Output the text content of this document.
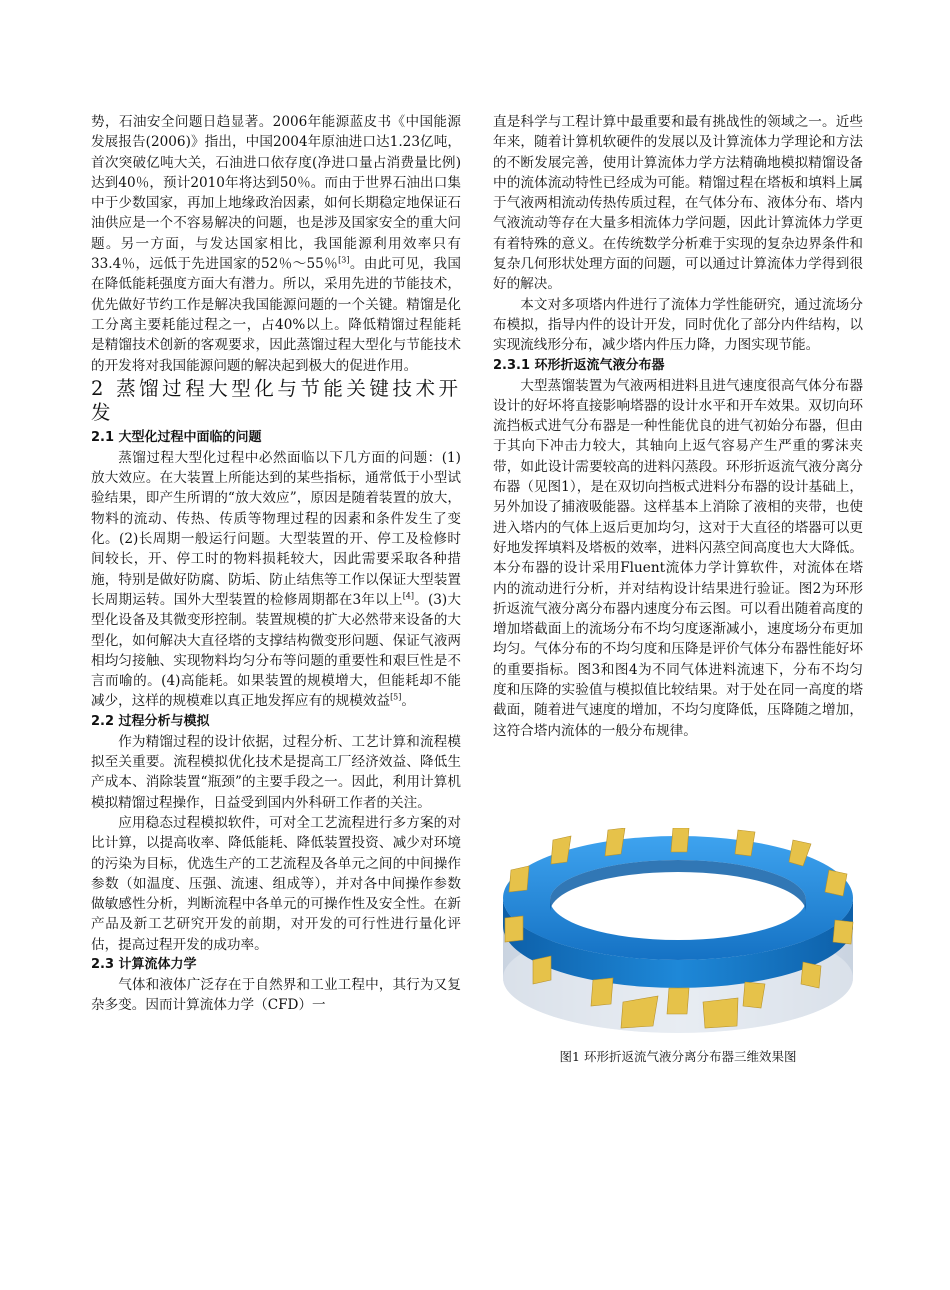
势，石油安全问题日趋显著。2006年能源蓝皮书《中国能源发展报告(2006)》指出，中国2004年原油进口达1.23亿吨，首次突破亿吨大关，石油进口依存度(净进口量占消费量比例)达到40％，预计2010年将达到50％。而由于世界石油出口集中于少数国家，再加上地缘政治因素，如何长期稳定地保证石油供应是一个不容易解决的问题，也是涉及国家安全的重大问题。另一方面，与发达国家相比，我国能源利用效率只有33.4％，远低于先进国家的52％～55％[3]。由此可见，我国在降低能耗强度方面大有潜力。所以，采用先进的节能技术，优先做好节约工作是解决我国能源问题的一个关键。精馏是化工分离主要耗能过程之一，占40%以上。降低精馏过程能耗是精馏技术创新的客观要求，因此蒸馏过程大型化与节能技术的开发将对我国能源问题的解决起到极大的促进作用。

2 蒸馏过程大型化与节能关键技术开发
2.1 大型化过程中面临的问题

蒸馏过程大型化过程中必然面临以下几方面的问题：(1)放大效应。在大装置上所能达到的某些指标，通常低于小型试验结果，即产生所谓的“放大效应”，原因是随着装置的放大，物料的流动、传热、传质等物理过程的因素和条件发生了变化。(2)长周期一般运行问题。大型装置的开、停工及检修时间较长，开、停工时的物料损耗较大，因此需要采取各种措施，特别是做好防腐、防垢、防止结焦等工作以保证大型装置长周期运转。国外大型装置的检修周期都在3年以上[4]。(3)大型化设备及其微变形控制。装置规模的扩大必然带来设备的大型化，如何解决大直径塔的支撑结构微变形问题、保证气液两相均匀接触、实现物料均匀分布等问题的重要性和艰巨性是不言而喻的。(4)高能耗。如果装置的规模增大，但能耗却不能减少，这样的规模难以真正地发挥应有的规模效益[5]。

2.2 过程分析与模拟

作为精馏过程的设计依据，过程分析、工艺计算和流程模拟至关重要。流程模拟优化技术是提高工厂经济效益、降低生产成本、消除装置“瓶颈”的主要手段之一。因此，利用计算机模拟精馏过程操作，日益受到国内外科研工作者的关注。

应用稳态过程模拟软件，可对全工艺流程进行多方案的对比计算，以提高收率、降低能耗、降低装置投资、减少对环境的污染为目标，优选生产的工艺流程及各单元之间的中间操作参数（如温度、压强、流速、组成等），并对各中间操作参数做敏感性分析，判断流程中各单元的可操作性及安全性。在新产品及新工艺研究开发的前期，对开发的可行性进行量化评估，提高过程开发的成功率。

2.3 计算流体力学

气体和液体广泛存在于自然界和工业工程中，其行为又复杂多变。因而计算流体力学（CFD）一

直是科学与工程计算中最重要和最有挑战性的领域之一。近些年来，随着计算机软硬件的发展以及计算流体力学理论和方法的不断发展完善，使用计算流体力学方法精确地模拟精馏设备中的流体流动特性已经成为可能。精馏过程在塔板和填料上属于气液两相流动传热传质过程，在气体分布、液体分布、塔内气液流动等存在大量多相流体力学问题，因此计算流体力学更有着特殊的意义。在传统数学分析难于实现的复杂边界条件和复杂几何形状处理方面的问题，可以通过计算流体力学得到很好的解决。

本文对多项塔内件进行了流体力学性能研究，通过流场分布模拟，指导内件的设计开发，同时优化了部分内件结构，以实现流线形分布，减少塔内件压力降，力图实现节能。

2.3.1 环形折返流气液分布器

大型蒸馏装置为气液两相进料且进气速度很高气体分布器设计的好坏将直接影响塔器的设计水平和开车效果。双切向环流挡板式进气分布器是一种性能优良的进气初始分布器，但由于其向下冲击力较大，其轴向上返气容易产生严重的雾沫夹带，如此设计需要较高的进料闪蒸段。环形折返流气液分离分布器（见图1），是在双切向挡板式进料分布器的设计基础上，另外加设了捕液吸能器。这样基本上消除了液相的夹带，也使进入塔内的气体上返后更加均匀，这对于大直径的塔器可以更好地发挥填料及塔板的效率，进料闪蒸空间高度也大大降低。本分布器的设计采用Fluent流体力学计算软件，对流体在塔内的流动进行分析，并对结构设计结果进行验证。图2为环形折返流气液分离分布器内速度分布云图。可以看出随着高度的增加塔截面上的流场分布不均匀度逐渐减小，速度场分布更加均匀。气体分布的不均匀度和压降是评价气体分布器性能好坏的重要指标。图3和图4为不同气体进料流速下，分布不均匀度和压降的实验值与模拟值比较结果。对于处在同一高度的塔截面，随着进气速度的增加，不均匀度降低，压降随之增加，这符合塔内流体的一般分布规律。

图1 环形折返流气液分离分布器三维效果图
